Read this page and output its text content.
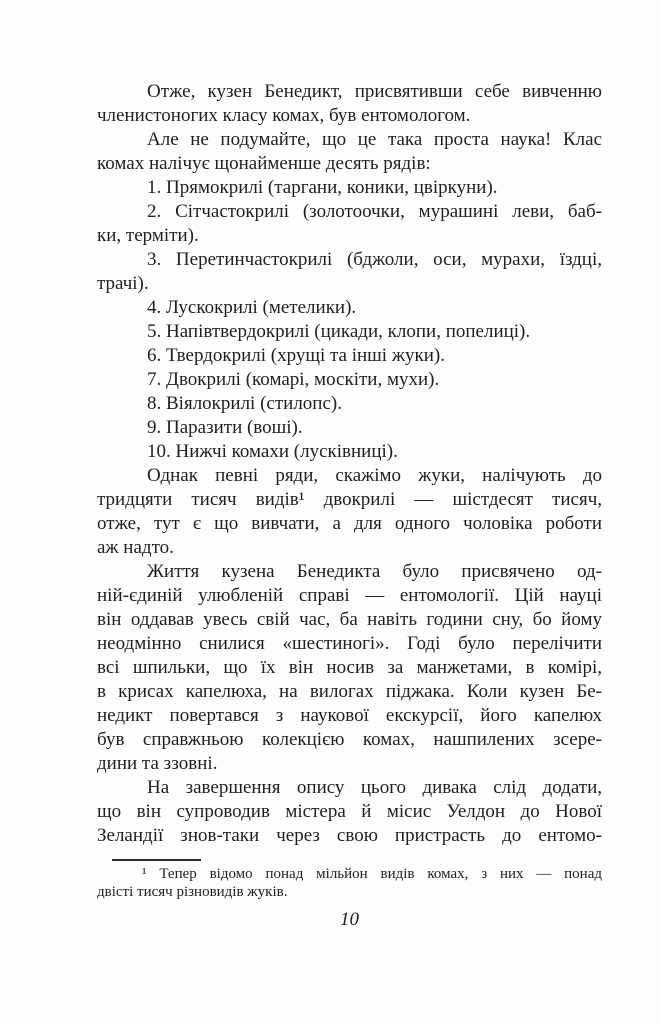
Отже, кузен Бенедикт, присвятивши себе вивченню
членистоногих класу комах, був ентомологом.
Але не подумайте, що це така проста наука! Клас
комах налічує щонайменше десять рядів:
1. Прямокрилі (таргани, коники, цвіркуни).
2. Сітчастокрилі (золотоочки, мурашині леви, баб-
ки, терміти).
3. Перетинчастокрилі (бджоли, оси, мурахи, їздці,
трачі).
4. Лускокрилі (метелики).
5. Напівтвердокрилі (цикади, клопи, попелиці).
6. Твердокрилі (хрущі та інші жуки).
7. Двокрилі (комарі, москіти, мухи).
8. Віялокрилі (стилопс).
9. Паразити (воші).
10. Нижчі комахи (лусківниці).
Однак певні ряди, скажімо жуки, налічують до
тридцяти тисяч видів¹ двокрилі — шістдесят тисяч,
отже, тут є що вивчати, а для одного чоловіка роботи
аж надто.
Життя кузена Бенедикта було присвячено од-
ній-єдиній улюбленій справі — ентомології. Цій науці
він оддавав увесь свій час, ба навіть години сну, бо йому
неодмінно снилися «шестиногі». Годі було перелічити
всі шпильки, що їх він носив за манжетами, в комірі,
в крисах капелюха, на вилогах піджака. Коли кузен Бе-
недикт повертався з наукової екскурсії, його капелюх
був справжньою колекцією комах, нашпилених зсере-
дини та ззовні.
На завершення опису цього дивака слід додати,
що він супроводив містера й місис Уелдон до Нової
Зеландії знов-таки через свою пристрасть до ентомо-
¹ Тепер відомо понад мільйон видів комах, з них — понад
двісті тисяч різновидів жуків.
10
